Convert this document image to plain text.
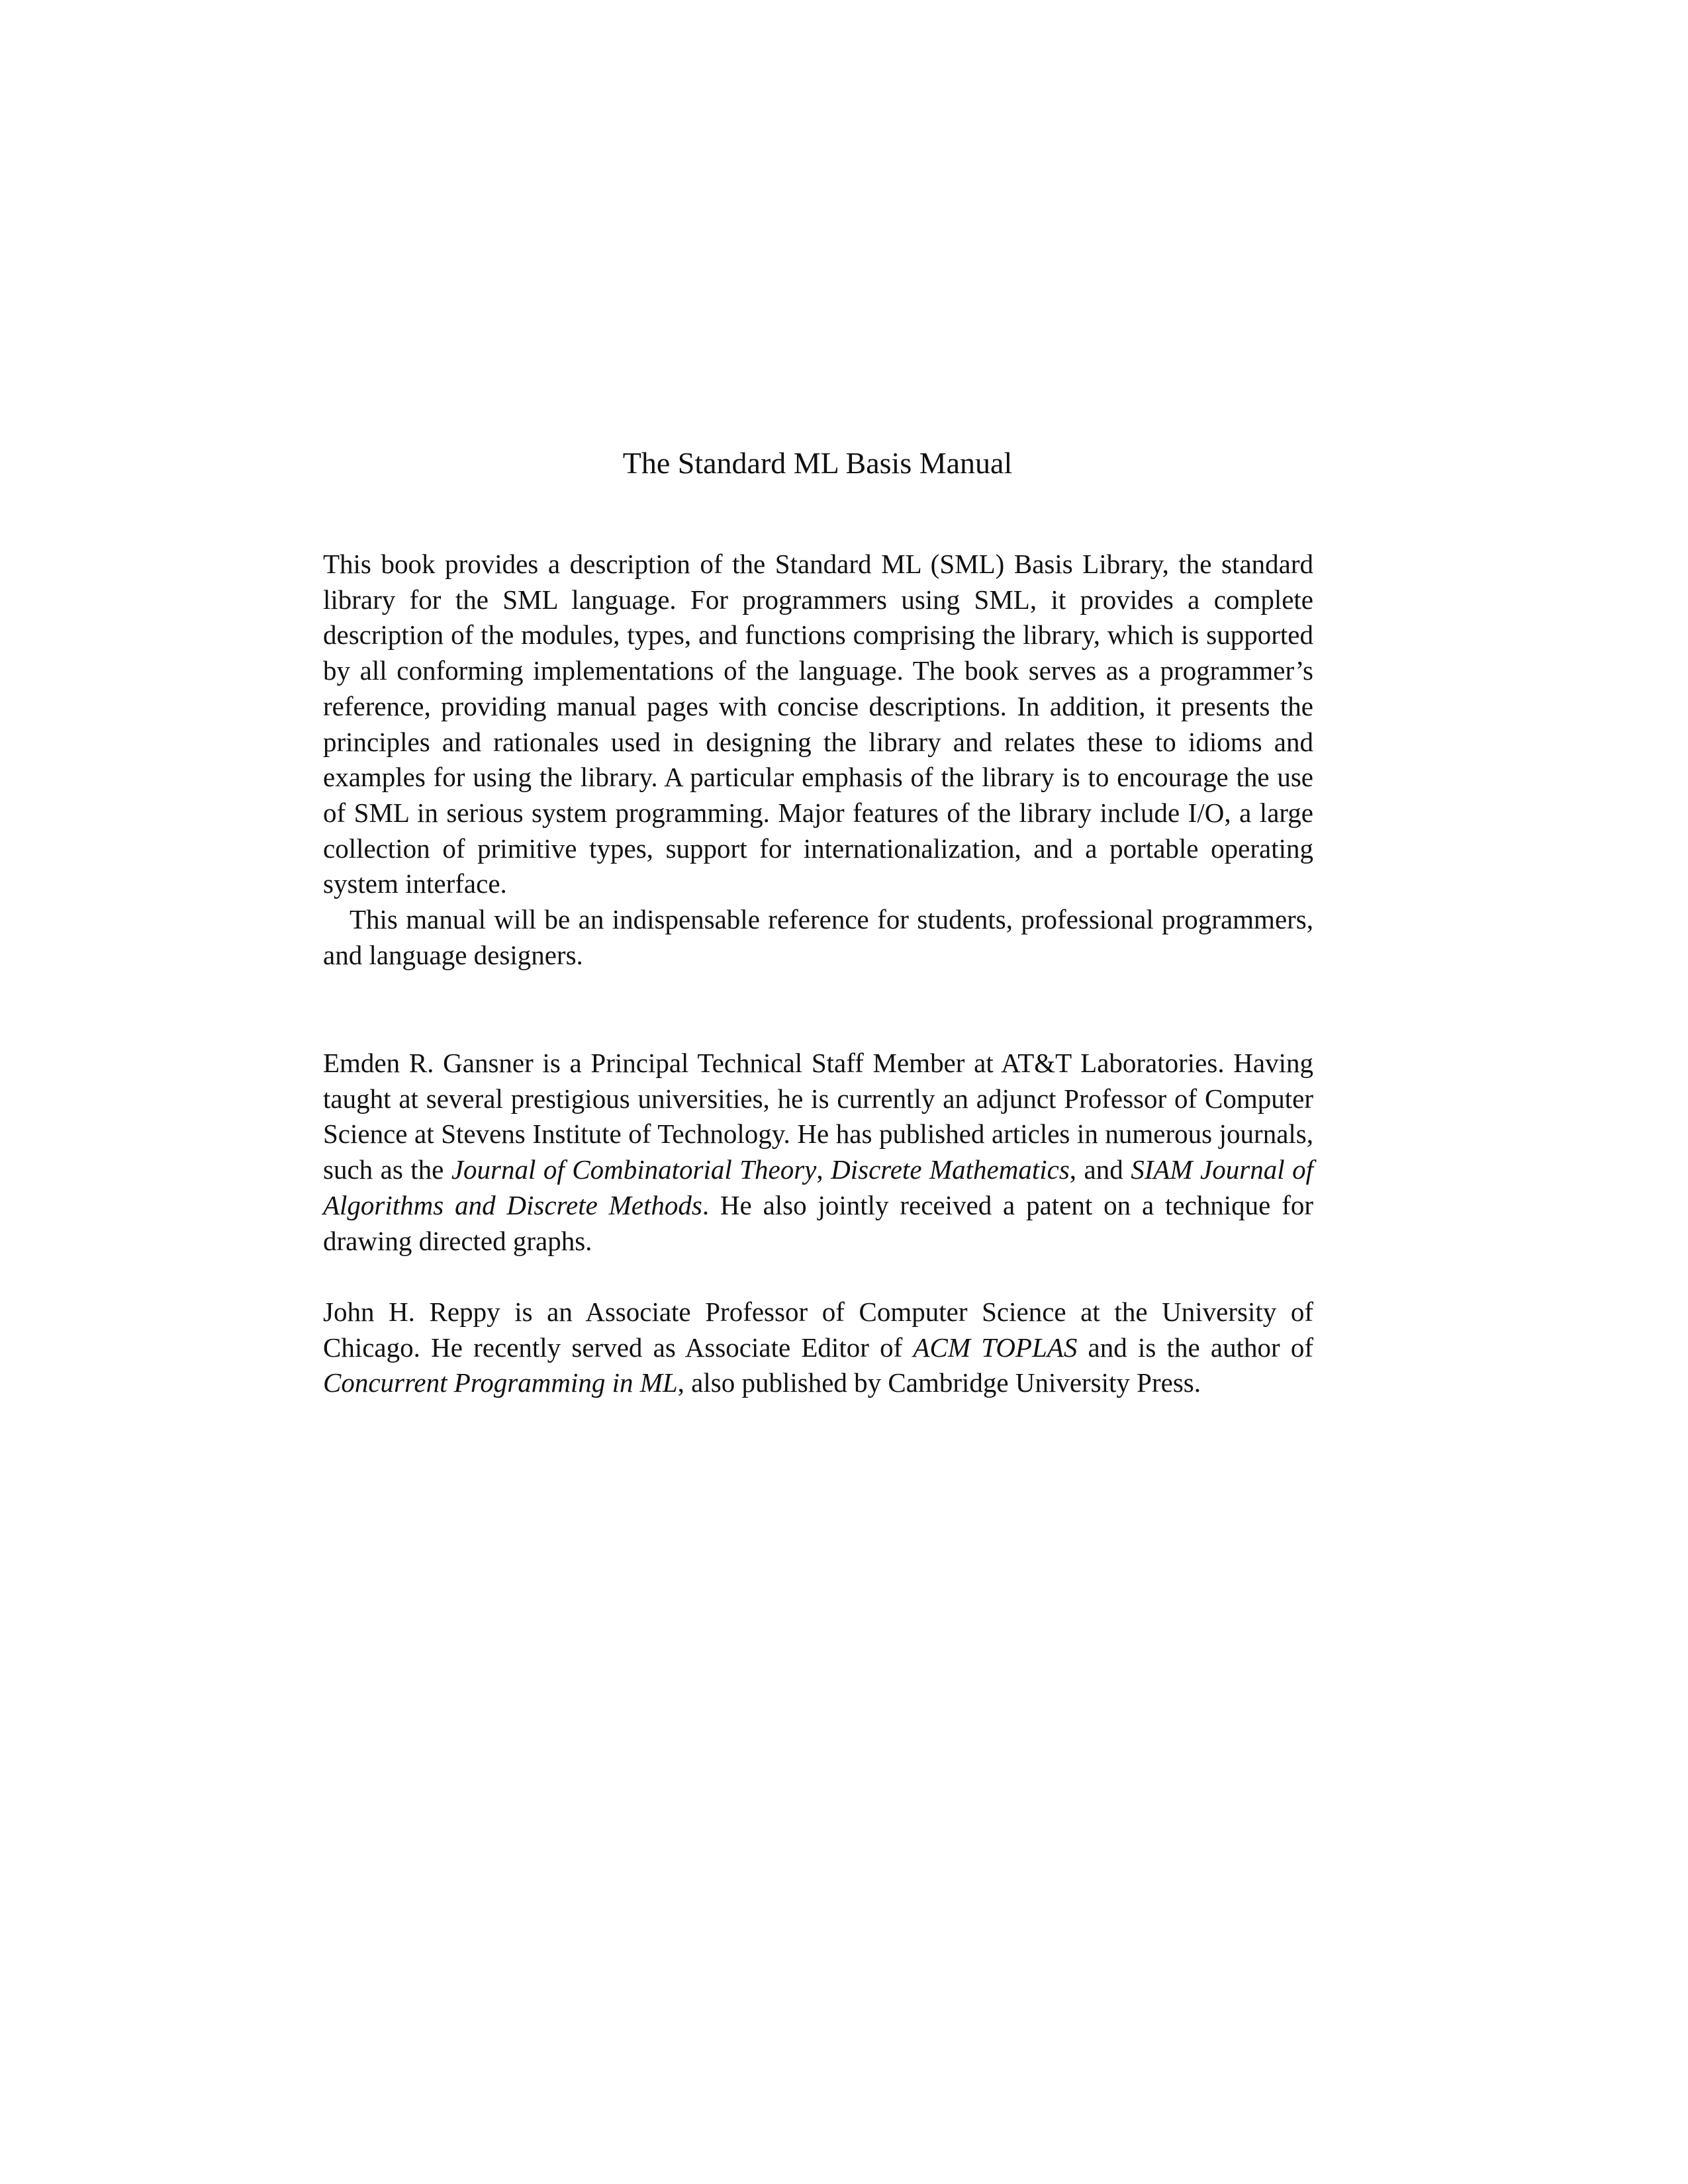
The Standard ML Basis Manual

This book provides a description of the Standard ML (SML) Basis Library, the standard library for the SML language. For programmers using SML, it provides a complete description of the modules, types, and functions comprising the library, which is supported by all conforming implementations of the language. The book serves as a programmer’s reference, providing manual pages with concise descriptions. In addition, it presents the principles and rationales used in designing the library and relates these to idioms and examples for using the library. A particular emphasis of the library is to encourage the use of SML in serious system programming. Major features of the library include I/O, a large collection of primitive types, support for internationalization, and a portable operating system interface.

This manual will be an indispensable reference for students, professional programmers, and language designers.

Emden R. Gansner is a Principal Technical Staff Member at AT&T Laboratories. Having taught at several prestigious universities, he is currently an adjunct Professor of Computer Science at Stevens Institute of Technology. He has published articles in numerous journals, such as the Journal of Combinatorial Theory, Discrete Mathematics, and SIAM Journal of Algorithms and Discrete Methods. He also jointly received a patent on a technique for drawing directed graphs.

John H. Reppy is an Associate Professor of Computer Science at the University of Chicago. He recently served as Associate Editor of ACM TOPLAS and is the author of Concurrent Programming in ML, also published by Cambridge University Press.
